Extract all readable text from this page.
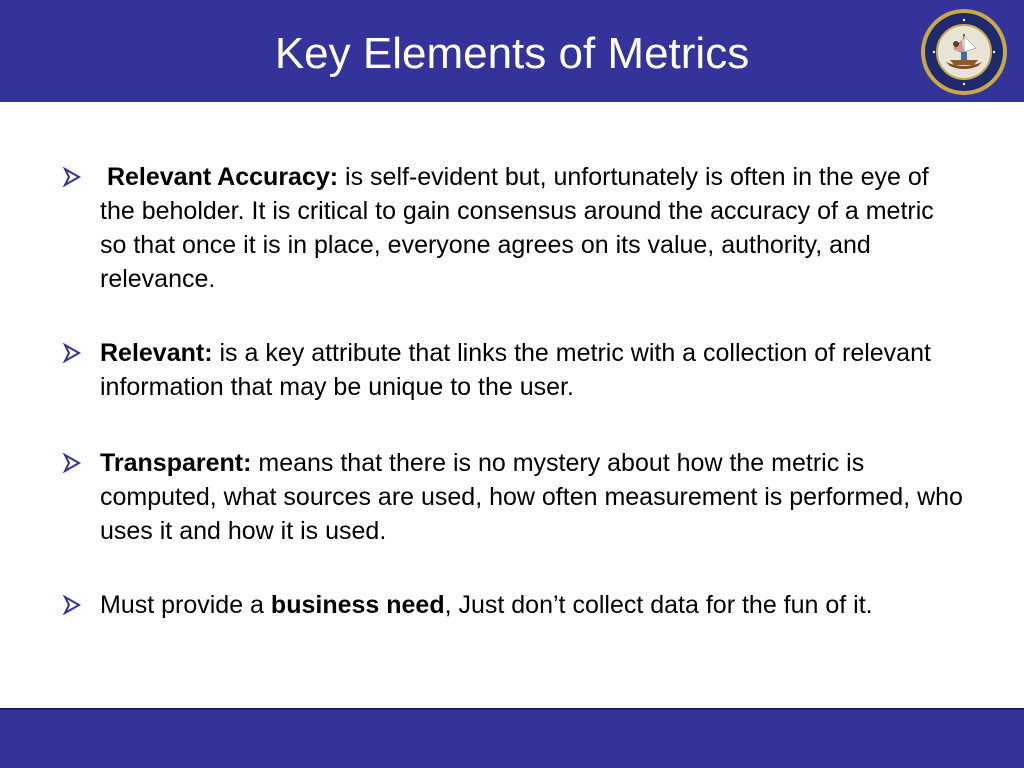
Key Elements of Metrics
Relevant Accuracy: is self-evident but, unfortunately is often in the eye of the beholder. It is critical to gain consensus around the accuracy of a metric so that once it is in place, everyone agrees on its value, authority, and relevance.
Relevant: is a key attribute that links the metric with a collection of relevant information that may be unique to the user.
Transparent: means that there is no mystery about how the metric is computed, what sources are used, how often measurement is performed, who uses it and how it is used.
Must provide a business need, Just don’t collect data for the fun of it.
